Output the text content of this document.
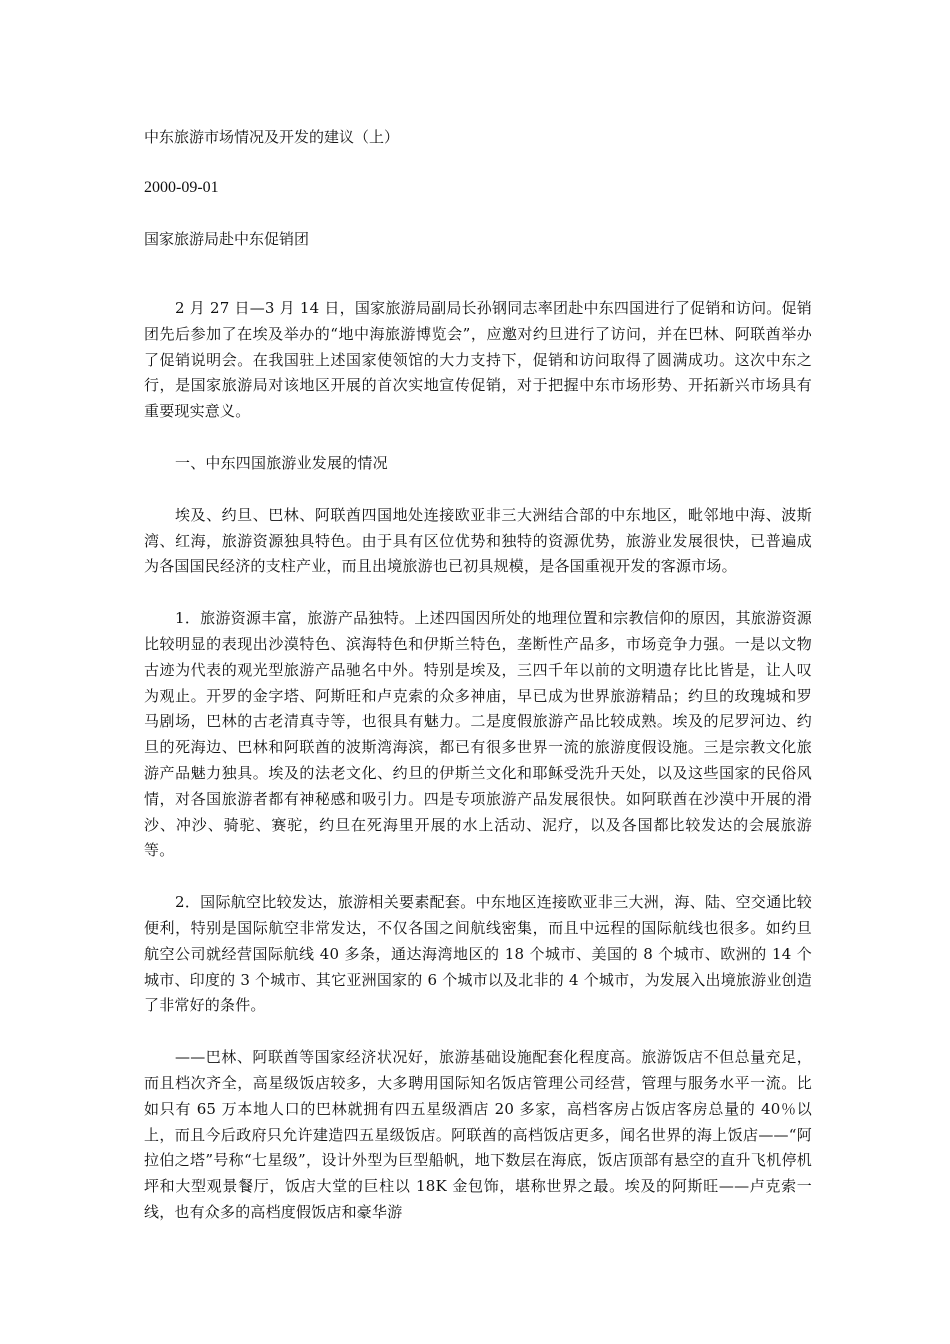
中东旅游市场情况及开发的建议（上）
2000-09-01
国家旅游局赴中东促销团

2 月 27 日—3 月 14 日，国家旅游局副局长孙钢同志率团赴中东四国进行了促销和访问。促销团先后参加了在埃及举办的“地中海旅游博览会”，应邀对约旦进行了访问，并在巴林、阿联酋举办了促销说明会。在我国驻上述国家使领馆的大力支持下，促销和访问取得了圆满成功。这次中东之行，是国家旅游局对该地区开展的首次实地宣传促销，对于把握中东市场形势、开拓新兴市场具有重要现实意义。

一、中东四国旅游业发展的情况

埃及、约旦、巴林、阿联酋四国地处连接欧亚非三大洲结合部的中东地区，毗邻地中海、波斯湾、红海，旅游资源独具特色。由于具有区位优势和独特的资源优势，旅游业发展很快，已普遍成为各国国民经济的支柱产业，而且出境旅游也已初具规模，是各国重视开发的客源市场。

1．旅游资源丰富，旅游产品独特。上述四国因所处的地理位置和宗教信仰的原因，其旅游资源比较明显的表现出沙漠特色、滨海特色和伊斯兰特色，垄断性产品多，市场竞争力强。一是以文物古迹为代表的观光型旅游产品驰名中外。特别是埃及，三四千年以前的文明遗存比比皆是，让人叹为观止。开罗的金字塔、阿斯旺和卢克索的众多神庙，早已成为世界旅游精品；约旦的玫瑰城和罗马剧场，巴林的古老清真寺等，也很具有魅力。二是度假旅游产品比较成熟。埃及的尼罗河边、约旦的死海边、巴林和阿联酋的波斯湾海滨，都已有很多世界一流的旅游度假设施。三是宗教文化旅游产品魅力独具。埃及的法老文化、约旦的伊斯兰文化和耶稣受洗升天处，以及这些国家的民俗风情，对各国旅游者都有神秘感和吸引力。四是专项旅游产品发展很快。如阿联酋在沙漠中开展的滑沙、冲沙、骑驼、赛驼，约旦在死海里开展的水上活动、泥疗，以及各国都比较发达的会展旅游等。

2．国际航空比较发达，旅游相关要素配套。中东地区连接欧亚非三大洲，海、陆、空交通比较便利，特别是国际航空非常发达，不仅各国之间航线密集，而且中远程的国际航线也很多。如约旦航空公司就经营国际航线 40 多条，通达海湾地区的 18 个城市、美国的 8 个城市、欧洲的 14 个城市、印度的 3 个城市、其它亚洲国家的 6 个城市以及北非的 4 个城市，为发展入出境旅游业创造了非常好的条件。

——巴林、阿联酋等国家经济状况好，旅游基础设施配套化程度高。旅游饭店不但总量充足，而且档次齐全，高星级饭店较多，大多聘用国际知名饭店管理公司经营，管理与服务水平一流。比如只有 65 万本地人口的巴林就拥有四五星级酒店 20 多家，高档客房占饭店客房总量的 40％以上，而且今后政府只允许建造四五星级饭店。阿联酋的高档饭店更多，闻名世界的海上饭店——“阿拉伯之塔”号称“七星级”，设计外型为巨型船帆，地下数层在海底，饭店顶部有悬空的直升飞机停机坪和大型观景餐厅，饭店大堂的巨柱以 18K 金包饰，堪称世界之最。埃及的阿斯旺——卢克索一线，也有众多的高档度假饭店和豪华游
